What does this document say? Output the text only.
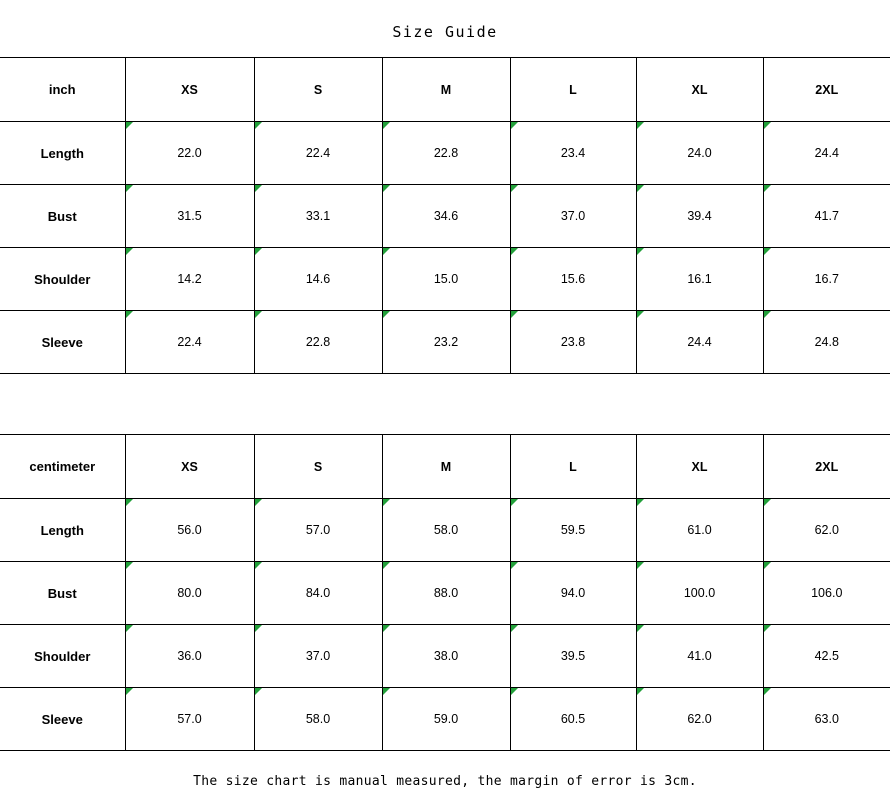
Size Guide
inch	XS	S	M	L	XL	2XL
Length	22.0	22.4	22.8	23.4	24.0	24.4
Bust	31.5	33.1	34.6	37.0	39.4	41.7
Shoulder	14.2	14.6	15.0	15.6	16.1	16.7
Sleeve	22.4	22.8	23.2	23.8	24.4	24.8
centimeter	XS	S	M	L	XL	2XL
Length	56.0	57.0	58.0	59.5	61.0	62.0
Bust	80.0	84.0	88.0	94.0	100.0	106.0
Shoulder	36.0	37.0	38.0	39.5	41.0	42.5
Sleeve	57.0	58.0	59.0	60.5	62.0	63.0
The size chart is manual measured, the margin of error is 3cm.
